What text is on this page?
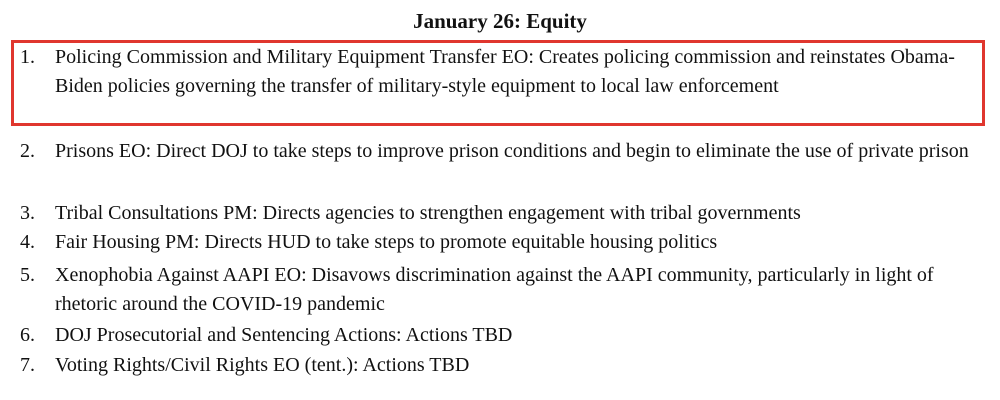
January 26: Equity
1.	Policing Commission and Military Equipment Transfer EO: Creates policing commission and reinstates Obama-Biden policies governing the transfer of military-style equipment to local law enforcement
2.	Prisons EO: Direct DOJ to take steps to improve prison conditions and begin to eliminate the use of private prison
3.	Tribal Consultations PM: Directs agencies to strengthen engagement with tribal governments
4.	Fair Housing PM: Directs HUD to take steps to promote equitable housing politics
5.	Xenophobia Against AAPI EO: Disavows discrimination against the AAPI community, particularly in light of rhetoric around the COVID-19 pandemic
6.	DOJ Prosecutorial and Sentencing Actions: Actions TBD
7.	Voting Rights/Civil Rights EO (tent.): Actions TBD
